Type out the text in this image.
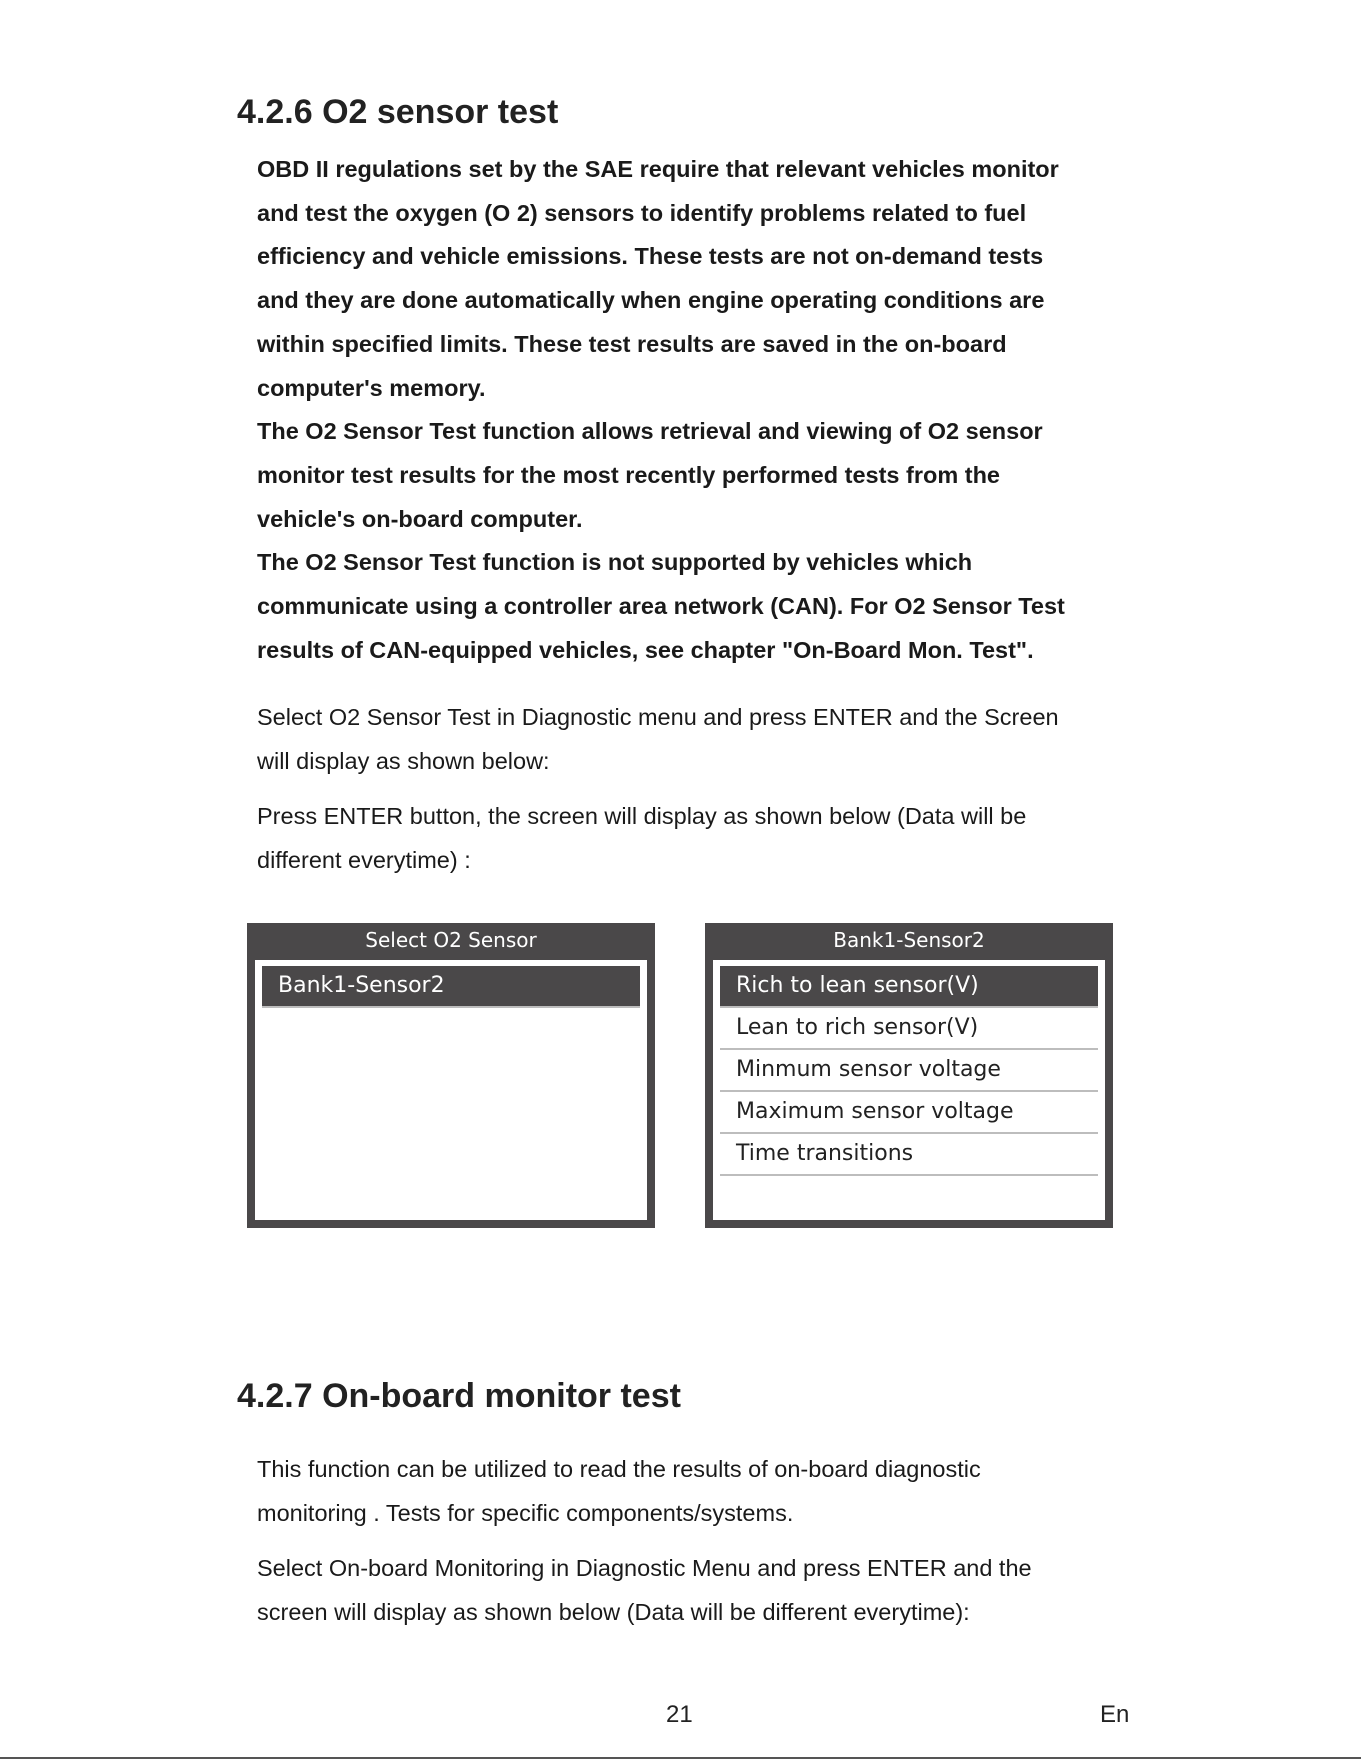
4.2.6 O2 sensor test
OBD II regulations set by the SAE require that relevant vehicles monitor
and test the oxygen (O 2) sensors to identify problems related to fuel
efficiency and vehicle emissions. These tests are not on-demand tests
and they are done automatically when engine operating conditions are
within specified limits. These test results are saved in the on-board
computer's memory.
The O2 Sensor Test function allows retrieval and viewing of O2 sensor
monitor test results for the most recently performed tests from the
vehicle's on-board computer.
The O2 Sensor Test function is not supported by vehicles which
communicate using a controller area network (CAN). For O2 Sensor Test
results of CAN-equipped vehicles, see chapter "On-Board Mon. Test".
Select O2 Sensor Test in Diagnostic menu and press ENTER and the Screen
will display as shown below:
Press ENTER button, the screen will display as shown below (Data will be
different everytime) :
Select O2 Sensor
Bank1-Sensor2
Bank1-Sensor2
Rich to lean sensor(V)
Lean to rich sensor(V)
Minmum sensor voltage
Maximum sensor voltage
Time transitions
4.2.7 On-board monitor test
This function can be utilized to read the results of on-board diagnostic
monitoring . Tests for specific components/systems.
Select On-board Monitoring in Diagnostic Menu and press ENTER and the
screen will display as shown below (Data will be different everytime):
21	En
